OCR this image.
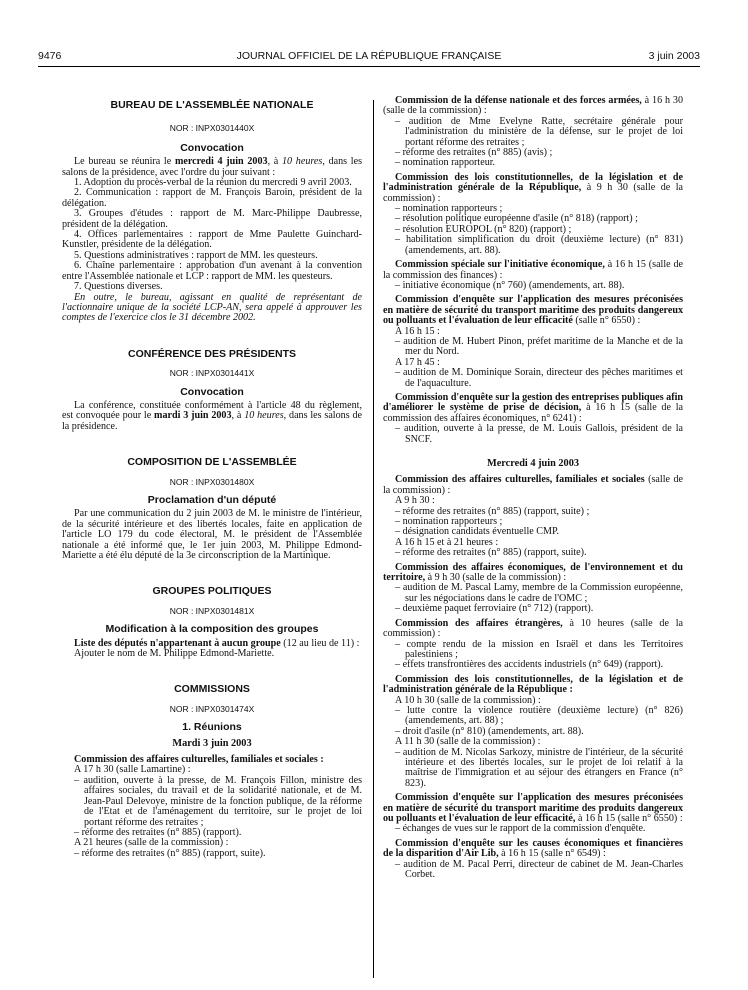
9476	JOURNAL OFFICIEL DE LA RÉPUBLIQUE FRANÇAISE	3 juin 2003

BUREAU DE L'ASSEMBLÉE NATIONALE

NOR : INPX0301440X

Convocation

Le bureau se réunira le mercredi 4 juin 2003, à 10 heures, dans les salons de la présidence, avec l'ordre du jour suivant :

1. Adoption du procès-verbal de la réunion du mercredi 9 avril 2003.

2. Communication : rapport de M. François Baroin, président de la délégation.

3. Groupes d'études : rapport de M. Marc-Philippe Daubresse, président de la délégation.

4. Offices parlementaires : rapport de Mme Paulette Guinchard-Kunstler, présidente de la délégation.

5. Questions administratives : rapport de MM. les questeurs.

6. Chaîne parlementaire : approbation d'un avenant à la convention entre l'Assemblée nationale et LCP : rapport de MM. les questeurs.

7. Questions diverses.

En outre, le bureau, agissant en qualité de représentant de l'actionnaire unique de la société LCP-AN, sera appelé à approuver les comptes de l'exercice clos le 31 décembre 2002.

CONFÉRENCE DES PRÉSIDENTS

NOR : INPX0301441X

Convocation

La conférence, constituée conformément à l'article 48 du règlement, est convoquée pour le mardi 3 juin 2003, à 10 heures, dans les salons de la présidence.

COMPOSITION DE L'ASSEMBLÉE

NOR : INPX0301480X

Proclamation d'un député

Par une communication du 2 juin 2003 de M. le ministre de l'intérieur, de la sécurité intérieure et des libertés locales, faite en application de l'article LO 179 du code électoral, M. le président de l'Assemblée nationale a été informé que, le 1er juin 2003, M. Philippe Edmond-Mariette a été élu député de la 3e circonscription de la Martinique.

GROUPES POLITIQUES

NOR : INPX0301481X

Modification à la composition des groupes

Liste des députés n'appartenant à aucun groupe (12 au lieu de 11) :

Ajouter le nom de M. Philippe Edmond-Mariette.

COMMISSIONS

NOR : INPX0301474X

1. Réunions

Mardi 3 juin 2003

Commission des affaires culturelles, familiales et sociales :

A 17 h 30 (salle Lamartine) :

– audition, ouverte à la presse, de M. François Fillon, ministre des affaires sociales, du travail et de la solidarité nationale, et de M. Jean-Paul Delevoye, ministre de la fonction publique, de la réforme de l'Etat et de l'aménagement du territoire, sur le projet de loi portant réforme des retraites ;

– réforme des retraites (n° 885) (rapport).

A 21 heures (salle de la commission) :

– réforme des retraites (n° 885) (rapport, suite).

Commission de la défense nationale et des forces armées, à 16 h 30 (salle de la commission) :

– audition de Mme Evelyne Ratte, secrétaire générale pour l'administration du ministère de la défense, sur le projet de loi portant réforme des retraites ;

– réforme des retraites (n° 885) (avis) ;

– nomination rapporteur.

Commission des lois constitutionnelles, de la législation et de l'administration générale de la République, à 9 h 30 (salle de la commission) :

– nomination rapporteurs ;

– résolution politique européenne d'asile (n° 818) (rapport) ;

– résolution EUROPOL (n° 820) (rapport) ;

– habilitation simplification du droit (deuxième lecture) (n° 831) (amendements, art. 88).

Commission spéciale sur l'initiative économique, à 16 h 15 (salle de la commission des finances) :

– initiative économique (n° 760) (amendements, art. 88).

Commission d'enquête sur l'application des mesures préconisées en matière de sécurité du transport maritime des produits dangereux ou polluants et l'évaluation de leur efficacité (salle n° 6550) :

A 16 h 15 :

– audition de M. Hubert Pinon, préfet maritime de la Manche et de la mer du Nord.

A 17 h 45 :

– audition de M. Dominique Sorain, directeur des pêches maritimes et de l'aquaculture.

Commission d'enquête sur la gestion des entreprises publiques afin d'améliorer le système de prise de décision, à 16 h 15 (salle de la commission des affaires économiques, n° 6241) :

– audition, ouverte à la presse, de M. Louis Gallois, président de la SNCF.

Mercredi 4 juin 2003

Commission des affaires culturelles, familiales et sociales (salle de la commission) :

A 9 h 30 :

– réforme des retraites (n° 885) (rapport, suite) ;

– nomination rapporteurs ;

– désignation candidats éventuelle CMP.

A 16 h 15 et à 21 heures :

– réforme des retraites (n° 885) (rapport, suite).

Commission des affaires économiques, de l'environnement et du territoire, à 9 h 30 (salle de la commission) :

– audition de M. Pascal Lamy, membre de la Commission européenne, sur les négociations dans le cadre de l'OMC ;

– deuxième paquet ferroviaire (n° 712) (rapport).

Commission des affaires étrangères, à 10 heures (salle de la commission) :

– compte rendu de la mission en Israël et dans les Territoires palestiniens ;

– effets transfrontières des accidents industriels (n° 649) (rapport).

Commission des lois constitutionnelles, de la législation et de l'administration générale de la République :

A 10 h 30 (salle de la commission) :

– lutte contre la violence routière (deuxième lecture) (n° 826) (amendements, art. 88) ;

– droit d'asile (n° 810) (amendements, art. 88).

A 11 h 30 (salle de la commission) :

– audition de M. Nicolas Sarkozy, ministre de l'intérieur, de la sécurité intérieure et des libertés locales, sur le projet de loi relatif à la maîtrise de l'immigration et au séjour des étrangers en France (n° 823).

Commission d'enquête sur l'application des mesures préconisées en matière de sécurité du transport maritime des produits dangereux ou polluants et l'évaluation de leur efficacité, à 16 h 15 (salle n° 6550) :

– échanges de vues sur le rapport de la commission d'enquête.

Commission d'enquête sur les causes économiques et financières de la disparition d'Air Lib, à 16 h 15 (salle n° 6549) :

– audition de M. Pacal Perri, directeur de cabinet de M. Jean-Charles Corbet.
